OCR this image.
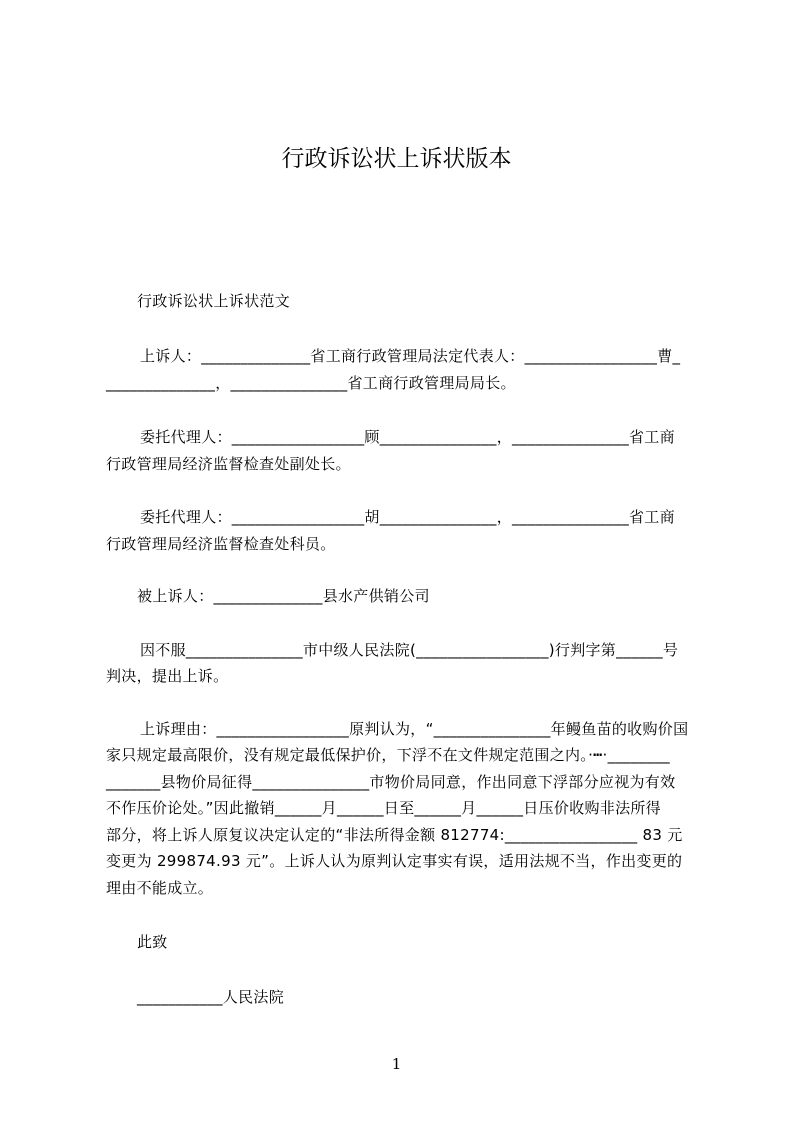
行政诉讼状上诉状版本
行政诉讼状上诉状范文
上诉人：______________省工商行政管理局法定代表人：_________________曹_
______________，_______________省工商行政管理局局长。
委托代理人：_________________顾_______________，_______________省工商
行政管理局经济监督检查处副处长。
委托代理人：_________________胡_______________，_______________省工商
行政管理局经济监督检查处科员。
被上诉人：______________县水产供销公司
因不服_______________市中级人民法院(_________________)行判字第______号
判决，提出上诉。
上诉理由：_________________原判认为，“_______________年鳗鱼苗的收购价国
家只规定最高限价，没有规定最低保护价，下浮不在文件规定范围之内。·┅·________
_______县物价局征得_______________市物价局同意，作出同意下浮部分应视为有效
不作压价论处。”因此撤销______月______日至______月______日压价收购非法所得
部分，将上诉人原复议决定认定的“非法所得金额 812774:_________________ 83 元
变更为 299874.93 元”。上诉人认为原判认定事实有误，适用法规不当，作出变更的
理由不能成立。
此致
___________人民法院
1
